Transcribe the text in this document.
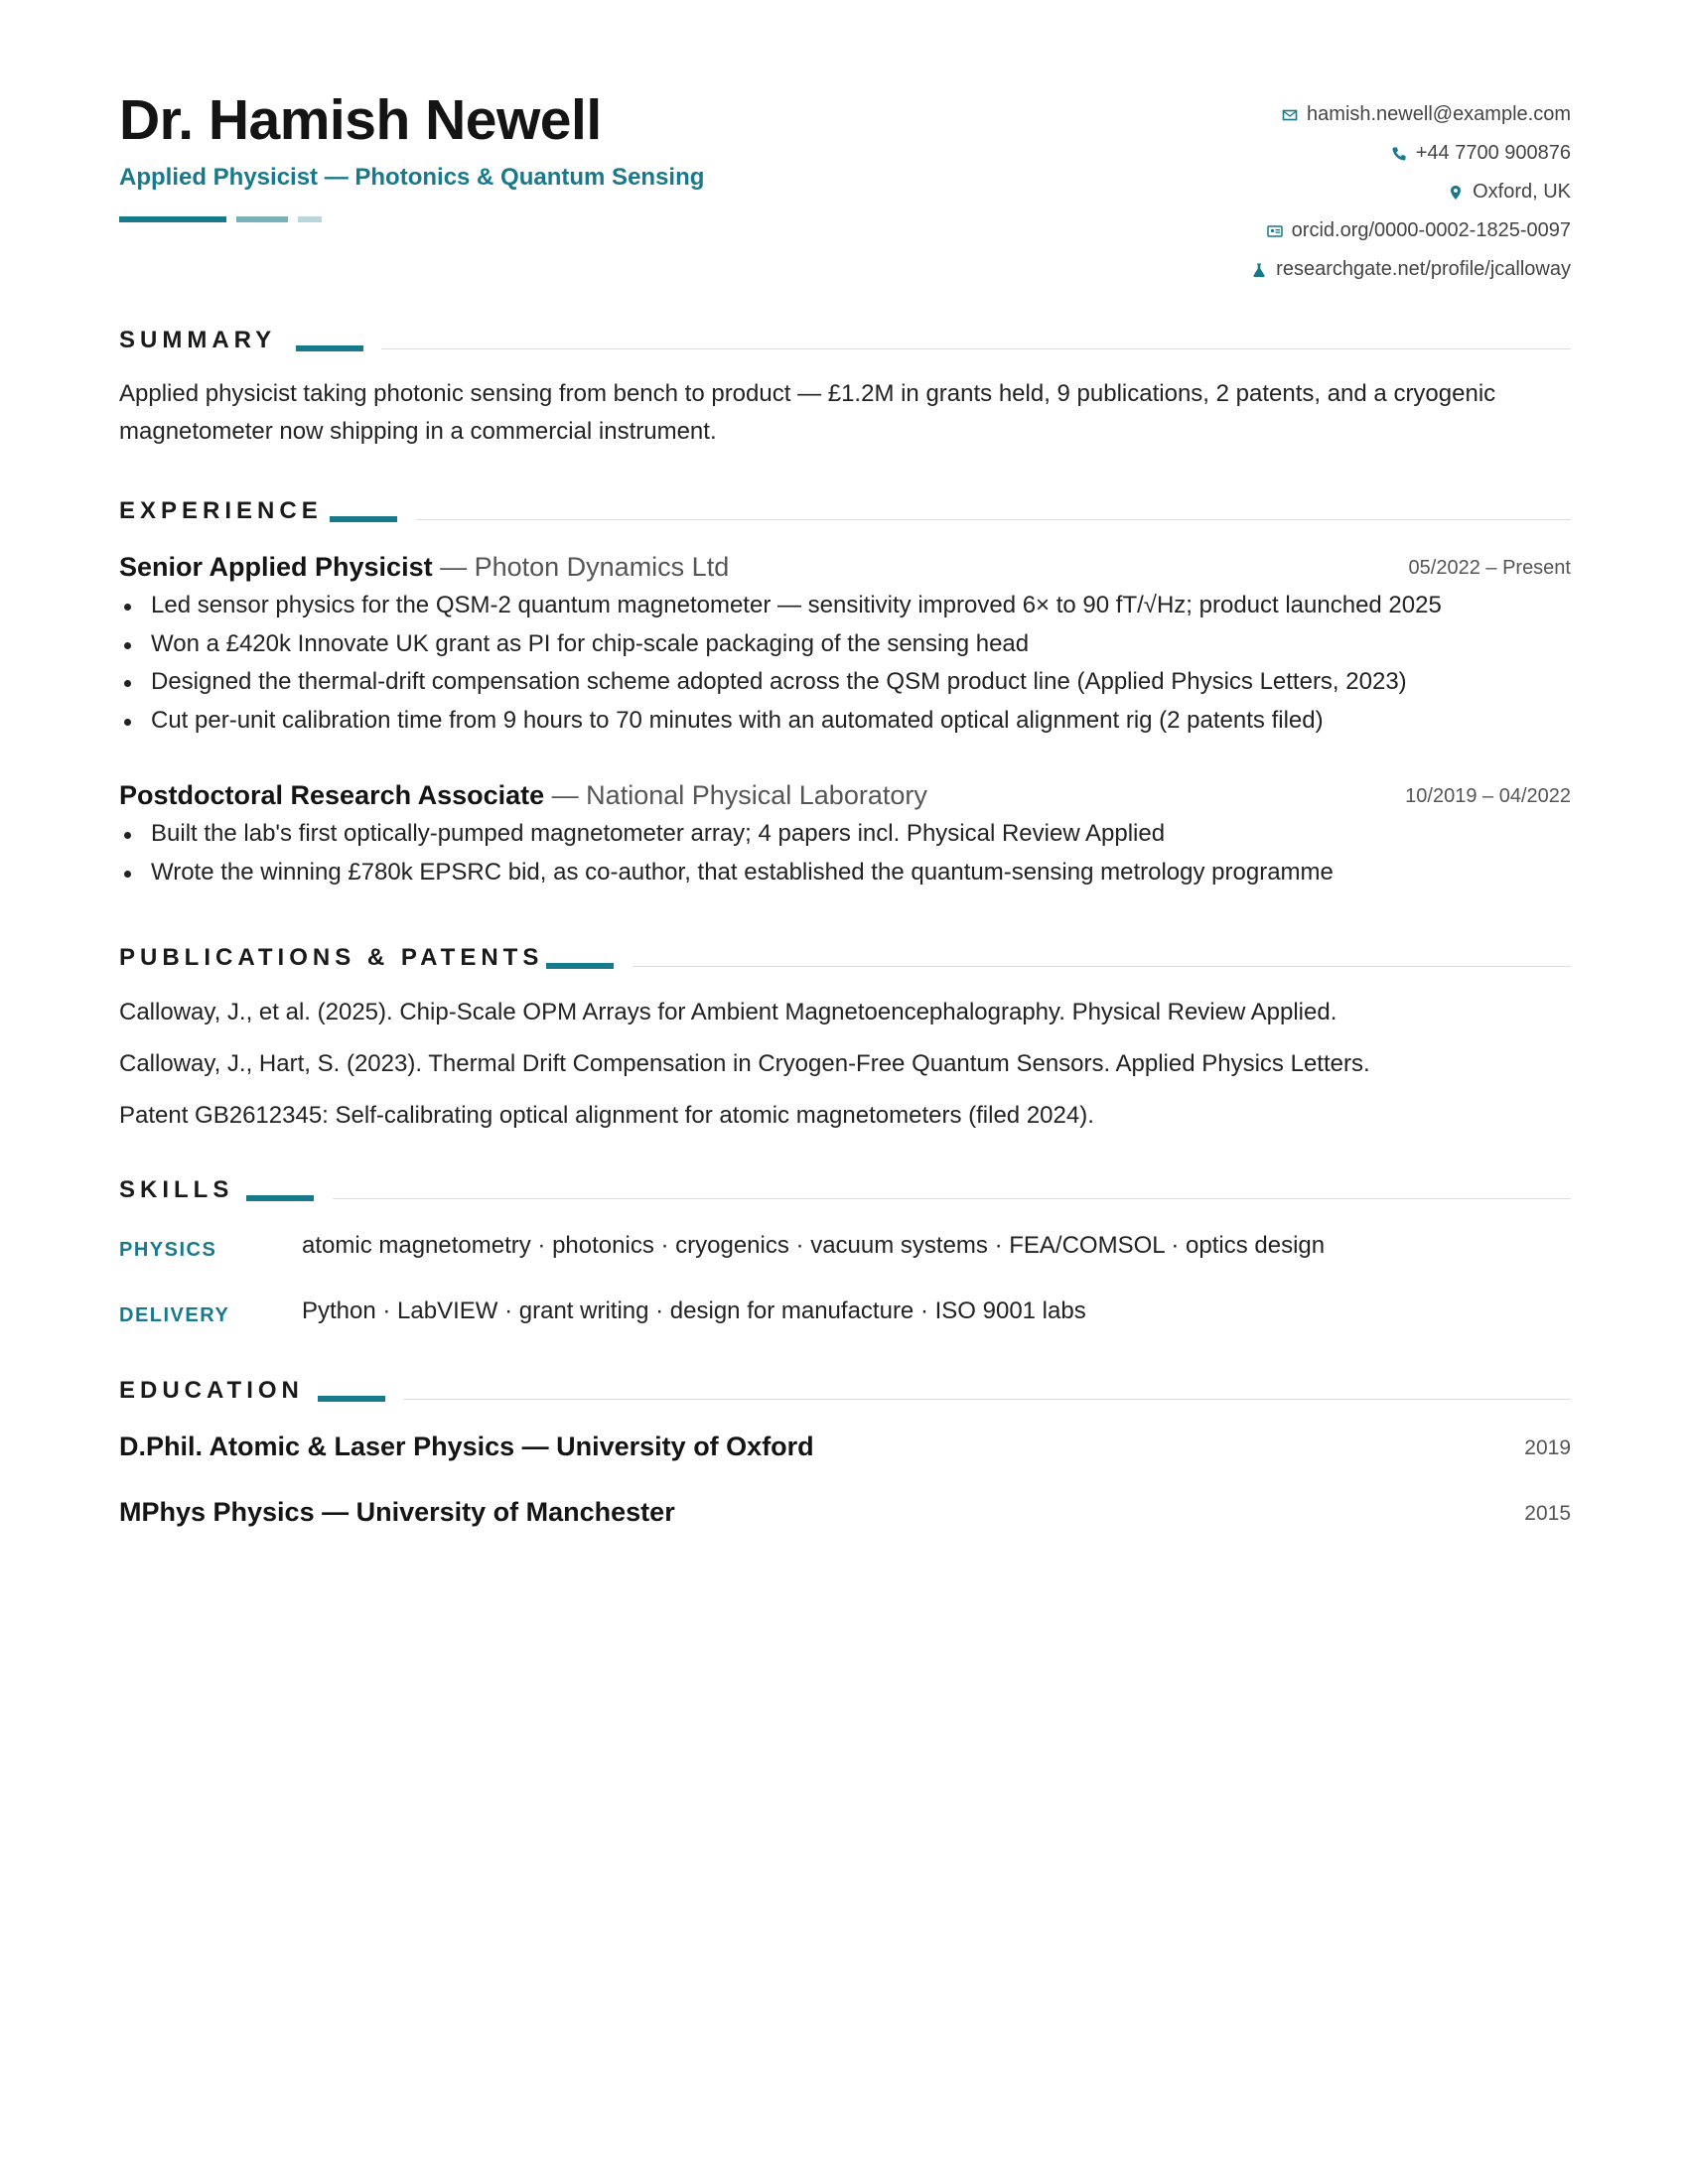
Dr. Hamish Newell
Applied Physicist — Photonics & Quantum Sensing
hamish.newell@example.com
+44 7700 900876
Oxford, UK
orcid.org/0000-0002-1825-0097
researchgate.net/profile/jcalloway
SUMMARY
Applied physicist taking photonic sensing from bench to product — £1.2M in grants held, 9 publications, 2 patents, and a cryogenic magnetometer now shipping in a commercial instrument.
EXPERIENCE
Senior Applied Physicist — Photon Dynamics Ltd	05/2022 – Present
Led sensor physics for the QSM-2 quantum magnetometer — sensitivity improved 6× to 90 fT/√Hz; product launched 2025
Won a £420k Innovate UK grant as PI for chip-scale packaging of the sensing head
Designed the thermal-drift compensation scheme adopted across the QSM product line (Applied Physics Letters, 2023)
Cut per-unit calibration time from 9 hours to 70 minutes with an automated optical alignment rig (2 patents filed)
Postdoctoral Research Associate — National Physical Laboratory	10/2019 – 04/2022
Built the lab's first optically-pumped magnetometer array; 4 papers incl. Physical Review Applied
Wrote the winning £780k EPSRC bid, as co-author, that established the quantum-sensing metrology programme
PUBLICATIONS & PATENTS
Calloway, J., et al. (2025). Chip-Scale OPM Arrays for Ambient Magnetoencephalography. Physical Review Applied.
Calloway, J., Hart, S. (2023). Thermal Drift Compensation in Cryogen-Free Quantum Sensors. Applied Physics Letters.
Patent GB2612345: Self-calibrating optical alignment for atomic magnetometers (filed 2024).
SKILLS
PHYSICS	atomic magnetometry · photonics · cryogenics · vacuum systems · FEA/COMSOL · optics design
DELIVERY	Python · LabVIEW · grant writing · design for manufacture · ISO 9001 labs
EDUCATION
D.Phil. Atomic & Laser Physics — University of Oxford	2019
MPhys Physics — University of Manchester	2015
